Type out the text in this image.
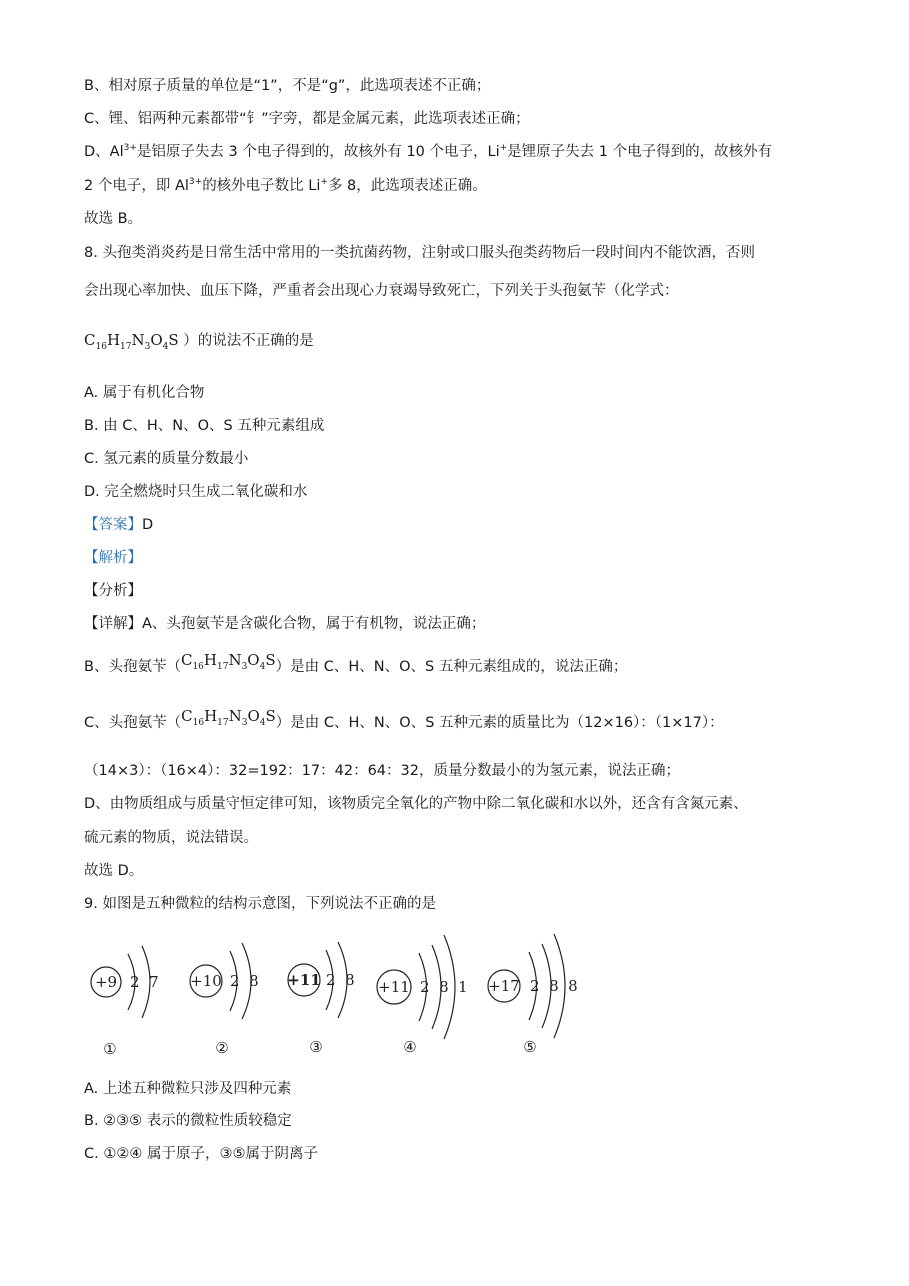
B、相对原子质量的单位是“1”，不是“g”，此选项表述不正确；
C、锂、铝两种元素都带“钅”字旁，都是金属元素，此选项表述正确；
D、$Al^{3+}$是铝原子失去 3 个电子得到的，故核外有 10 个电子，Li+是锂原子失去 1 个电子得到的，故核外有
2 个电子，即 $Al^{3+}$的核外电子数比 Li+多 8，此选项表述正确。
故选 B。
8. 头孢类消炎药是日常生活中常用的一类抗菌药物，注射或口服头孢类药物后一段时间内不能饮酒，否则
会出现心率加快、血压下降，严重者会出现心力衰竭导致死亡，下列关于头孢氨苄（化学式：
$C_{16}H_{17}N_3O_4S$ ）的说法不正确的是
A. 属于有机化合物
B. 由 C、H、N、O、S 五种元素组成
C. 氢元素的质量分数最小
D. 完全燃烧时只生成二氧化碳和水
【答案】D
【解析】
【分析】
【详解】A、头孢氨苄是含碳化合物，属于有机物，说法正确；
B、头孢氨苄$(C_{16}H_{17}N_3O_4S)$是由 C、H、N、O、S 五种元素组成的，说法正确；
C、头孢氨苄$(C_{16}H_{17}N_3O_4S)$是由 C、H、N、O、S 五种元素的质量比为（12×16）：（1×17）：
（14×3）：（16×4）：32=192：17：42：64：32，质量分数最小的为氢元素，说法正确；
D、由物质组成与质量守恒定律可知，该物质完全氧化的产物中除二氧化碳和水以外，还含有含氮元素、
硫元素的物质，说法错误。
故选 D。
9. 如图是五种微粒的结构示意图，下列说法不正确的是
+9 2  7
①
+10 2  8
②
+11 2  8
③
+11 2  8  1
④
+17 2  8  8
⑤
A. 上述五种微粒只涉及四种元素
B. ②③⑤ 表示的微粒性质较稳定
C. ①②④ 属于原子，③⑤属于阴离子
